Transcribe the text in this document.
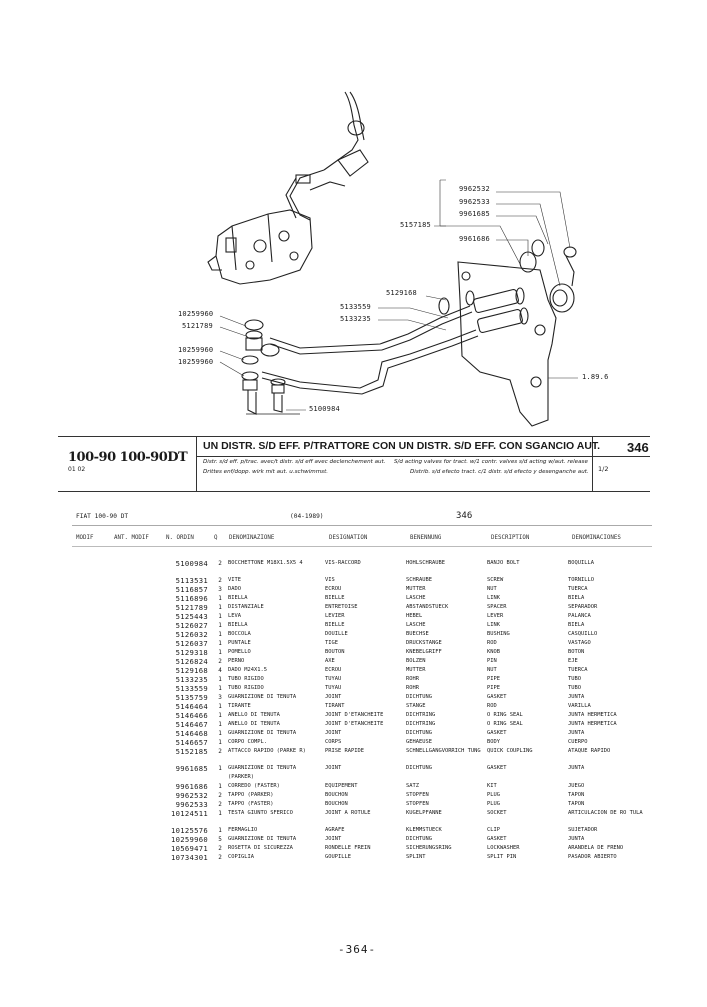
9962532
9962533
9961685
5157185
9961686
5129168
5133559
5133235
10259960
5121789
10259960
10259960
5100984
1.89.6
100-90 100-90DT
01 02
UN DISTR. S/D EFF. P/TRATTORE CON UN DISTR. S/D EFF. CON SGANCIO AUT.
Distr. s/d eff. p/trac. avec/t distr. s/d eff avec declenchement aut. S/d acting valves for tract. w/1 contr. valves s/d acting w/aut. release
Drittes enf/dopp. wirk mit aut. u.schwimmst.	Distrib. s/d efecto tract. c/1 distr. s/d efecto y desenganche aut.
346
1/2
FIAT 100-90 DT	(04-1989)	346
MODIF	ANT. MODIF	N. ORDIN	Q DENOMINAZIONE	DESIGNATION	BENENNUNG	DESCRIPTION	DENOMINACIONES
5100984	2	BOCCHETTONE M18X1.5X5 4	VIS-RACCORD	HOHLSCHRAUBE	BANJO BOLT	BOQUILLA
5113531	2	VITE	VIS	SCHRAUBE	SCREW	TORNILLO
5116857	3	DADO	ECROU	MUTTER	NUT	TUERCA
5116896	1	BIELLA	BIELLE	LASCHE	LINK	BIELA
5121789	1	DISTANZIALE	ENTRETOISE	ABSTANDSTUECK	SPACER	SEPARADOR
5125443	1	LEVA	LEVIER	HEBEL	LEVER	PALANCA
5126027	1	BIELLA	BIELLE	LASCHE	LINK	BIELA
5126032	1	BOCCOLA	DOUILLE	BUECHSE	BUSHING	CASQUILLO
5126037	1	PUNTALE	TIGE	DRUCKSTANGE	ROD	VASTAGO
5129318	1	POMELLO	BOUTON	KNEBELGRIFF	KNOB	BOTON
5126824	2	PERNO	AXE	BOLZEN	PIN	EJE
5129168	4	DADO M24X1.5	ECROU	MUTTER	NUT	TUERCA
5133235	1	TUBO RIGIDO	TUYAU	ROHR	PIPE	TUBO
5133559	1	TUBO RIGIDO	TUYAU	ROHR	PIPE	TUBO
5135759	3	GUARNIZIONE DI TENUTA	JOINT	DICHTUNG	GASKET	JUNTA
5146464	1	TIRANTE	TIRANT	STANGE	ROD	VARILLA
5146466	1	ANELLO DI TENUTA	JOINT D'ETANCHEITE	DICHTRING	O RING SEAL	JUNTA HERMETICA
5146467	1	ANELLO DI TENUTA	JOINT D'ETANCHEITE	DICHTRING	O RING SEAL	JUNTA HERMETICA
5146468	1	GUARNIZIONE DI TENUTA	JOINT	DICHTUNG	GASKET	JUNTA
5146657	1	CORPO COMPL.	CORPS	GEHAEUSE	BODY	CUERPO
5152185	2	ATTACCO RAPIDO (PARKE R)	PRISE RAPIDE	SCHNELLGANGVORRICH TUNG	QUICK COUPLING	ATAQUE RAPIDO
9961685	1	GUARNIZIONE DI TENUTA (PARKER)	JOINT	DICHTUNG	GASKET	JUNTA
9961686	1	CORREDO (FASTER)	EQUIPEMENT	SATZ	KIT	JUEGO
9962532	2	TAPPO (PARKER)	BOUCHON	STOPFEN	PLUG	TAPON
9962533	2	TAPPO (FASTER)	BOUCHON	STOPFEN	PLUG	TAPON
10124511	1	TESTA GIUNTO SFERICO	JOINT A ROTULE	KUGELPFANNE	SOCKET	ARTICULACION DE RO TULA
10125576	1	FERMAGLIO	AGRAFE	KLEMMSTUECK	CLIP	SUJETADOR
10259960	5	GUARNIZIONE DI TENUTA	JOINT	DICHTUNG	GASKET	JUNTA
10569471	2	ROSETTA DI SICUREZZA	RONDELLE FREIN	SICHERUNGSRING	LOCKWASHER	ARANDELA DE FRENO
10734301	2	COPIGLIA	GOUPILLE	SPLINT	SPLIT PIN	PASADOR ABIERTO
-364-
